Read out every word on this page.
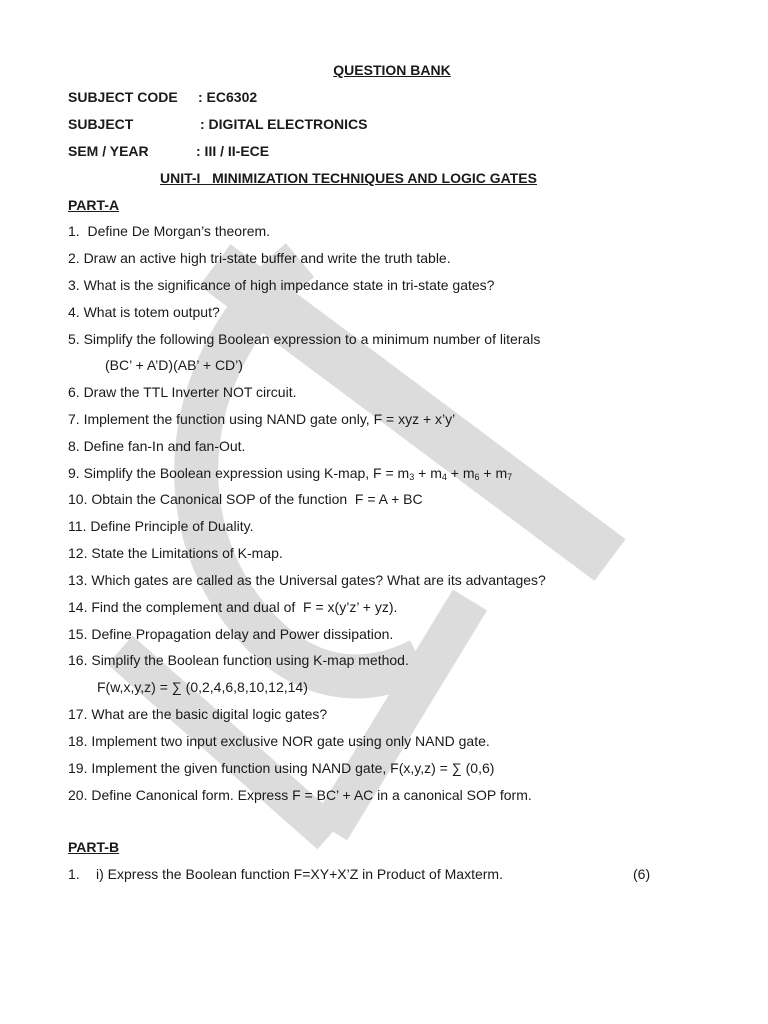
QUESTION BANK
SUBJECT CODE : EC6302
SUBJECT	: DIGITAL ELECTRONICS
SEM / YEAR	: III / II-ECE
UNIT-I   MINIMIZATION TECHNIQUES AND LOGIC GATES
PART-A
1.  Define De Morgan’s theorem.
2. Draw an active high tri-state buffer and write the truth table.
3. What is the significance of high impedance state in tri-state gates?
4. What is totem output?
5. Simplify the following Boolean expression to a minimum number of literals
(BC’ + A’D)(AB’ + CD’)
6. Draw the TTL Inverter NOT circuit.
7. Implement the function using NAND gate only, F = xyz + x’y’
8. Define fan-In and fan-Out.
9. Simplify the Boolean expression using K-map, $F = m_3 + m_4 + m_6 + m_7$
10. Obtain the Canonical SOP of the function  F = A + BC
11. Define Principle of Duality.
12. State the Limitations of K-map.
13. Which gates are called as the Universal gates? What are its advantages?
14. Find the complement and dual of  F = x(y’z’ + yz).
15. Define Propagation delay and Power dissipation.
16. Simplify the Boolean function using K-map method.
F(w,x,y,z) = ∑ (0,2,4,6,8,10,12,14)
17. What are the basic digital logic gates?
18. Implement two input exclusive NOR gate using only NAND gate.
19. Implement the given function using NAND gate, F(x,y,z) = ∑ (0,6)
20. Define Canonical form. Express F = BC’ + AC in a canonical SOP form.
PART-B
1. i) Express the Boolean function F=XY+X’Z in Product of Maxterm.	(6)
